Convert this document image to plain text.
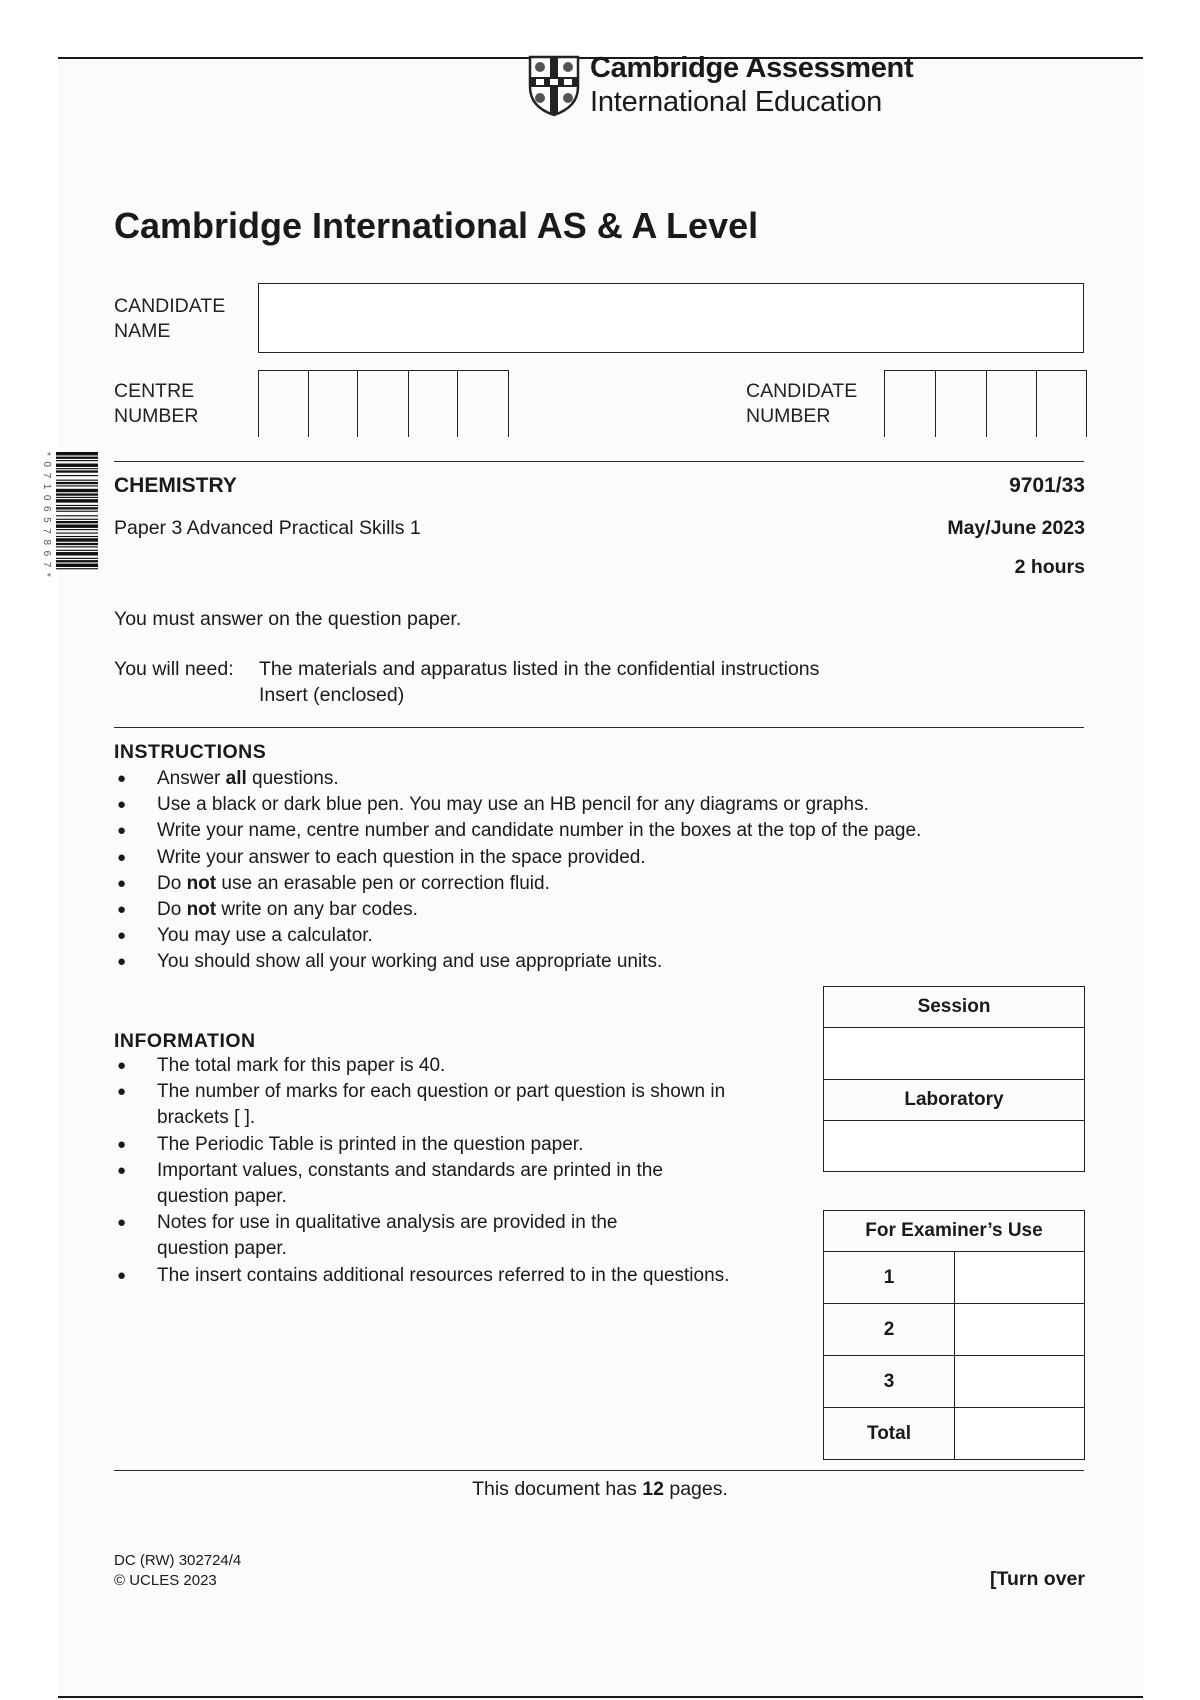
Cambridge Assessment
International Education
Cambridge International AS & A Level
CANDIDATE
NAME
CENTRE
NUMBER
CANDIDATE
NUMBER
* 0 7 1 0 6 5 7 8 6 7 *	CHEMISTRY	9701/33
Paper 3 Advanced Practical Skills 1	May/June 2023
2 hours
You must answer on the question paper.
You will need: The materials and apparatus listed in the confidential instructions
Insert (enclosed)
INSTRUCTIONS
● Answer all questions.
● Use a black or dark blue pen. You may use an HB pencil for any diagrams or graphs.
● Write your name, centre number and candidate number in the boxes at the top of the page.
● Write your answer to each question in the space provided.
● Do not use an erasable pen or correction fluid.
● Do not write on any bar codes.
● You may use a calculator.
● You should show all your working and use appropriate units.
INFORMATION
● The total mark for this paper is 40.
● The number of marks for each question or part question is shown in
brackets [ ].
● The Periodic Table is printed in the question paper.
● Important values, constants and standards are printed in the
question paper.
● Notes for use in qualitative analysis are provided in the
question paper.
● The insert contains additional resources referred to in the questions.
Session

Laboratory

For Examiner’s Use	
1	
2	
3	
Total	
This document has 12 pages.
DC (RW) 302724/4
© UCLES 2023	[Turn over
